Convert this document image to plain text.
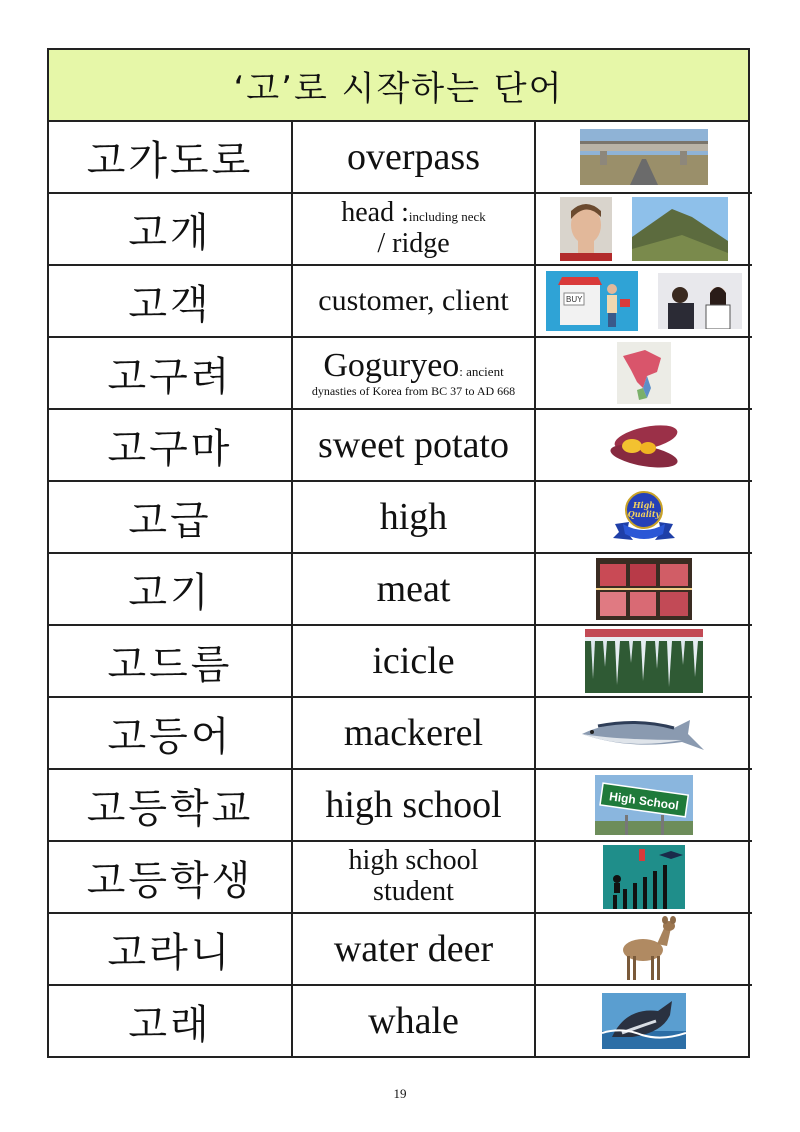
‘고’로 시작하는 단어
고가도로	overpass	

고개	head :including neck
/ ridge	

고객	customer, client	BUY

고구려	Goguryeo: ancient
dynasties of Korea from BC 37 to AD 668

고구마	sweet potato	

고급	high	High
Quality

고기	meat	

고드름	icicle	

고등어	mackerel	

고등학교	high school	High School

고등학생	high school
student	

고라니	water deer	

고래	whale	
19
